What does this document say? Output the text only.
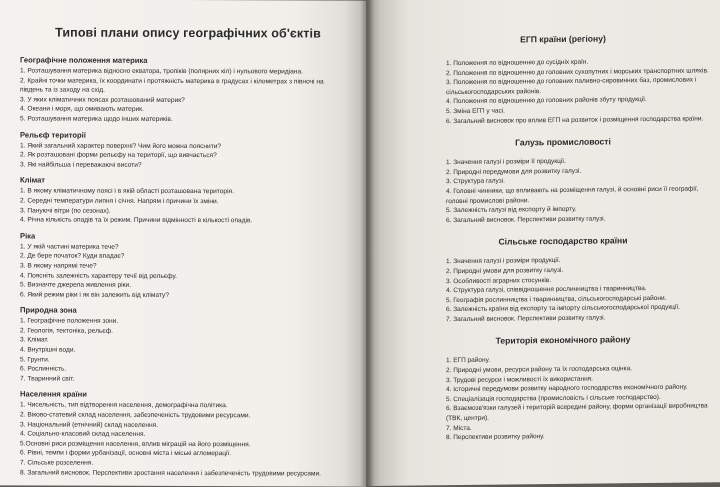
Типові плани опису географічних об'єктів
Географічне положення материка
1. Розташування материка відносно екватора, тропіків (полярних кіл) і нульового меридіана.
2. Крайні точки материка, їх координати і протяжність материка в градусах і кілометрах з півночі на
південь та із заходу на схід.
3. У яких кліматичних поясах розташований материк?
4. Океани і моря, що омивають материк.
5. Розташування материка щодо інших материків.
Рельєф території
1. Який загальний характер поверхні? Чим його можна пояснити?
2. Як розташовані форми рельєфу на території, що вивчається?
3. Які найбільша і переважаючі висоти?
Клімат
1. В якому кліматичному поясі і в якій області розташована територія.
2. Середні температури липня і січня. Напрям і причини їх зміни.
3. Пануючі вітри (по сезонах).
4. Річна кількість опадів та їх режим. Причини відмінності в кількості опадів.
Ріка
1. У якій частині материка тече?
2. Де бере початок? Куди впадає?
3. В якому напрямі тече?
4. Поясніть залежність характеру течії від рельєфу.
5. Визначте джерела живлення ріки.
6. Який режим ріки і як він залежить від клімату?
Природна зона
1. Географічне положення зони.
2. Геологія, тектоніка, рельєф.
3. Клімат.
4. Внутрішні води.
5. Грунти.
6. Рослинність.
7. Тваринний світ.
Населення країни
1. Чисельність, тип відтворення населення, демографічна політика.
2. Віково-статевий склад населення, забезпеченість трудовими ресурсами.
3. Національний (етнічний) склад населення.
4. Соціально-класовий склад населення.
5.Основні риси розміщення населення, вплив міграцій на його розміщення.
6. Рівні, темпи і форми урбанізації, основні міста і міські агломерації.
7. Сільське розселення.
8. Загальний висновок. Перспективи зростання населення і забезпеченість трудовими ресурсами.
ЕГП країни (регіону)
1. Положення по відношенню до сусідніх країн.
2. Положення по відношенню до головних сухопутних і морських транспортних шляхів.
3. Положення по відношенню до головних паливно-сировинних баз, промислових і сільськогосподарських районів.
4. Положення по відношенню до головних районів збуту продукції.
5. Зміна ЕГП у часі.
6. Загальний висновок про вплив ЕГП на розвиток і розміщення господарства країни.
Галузь промисловості
1. Значення галузі і розміри її продукції.
2. Природні передумови для розвитку галузі.
3. Структура галузі.
4. Головні чинники, що впливають на розміщення галузі, й основні риси її географії, головні промислові райони.
5. Залежність галузі від експорту й імпорту.
6. Загальний висновок. Перспективи розвитку галузі.
Сільське господарство країни
1. Значення галузі і розміри продукції.
2. Природні умови для розвитку галузі.
3. Особливості аграрних стосунків.
4. Структура галузі, співвідношення рослинництва і тваринництва.
5. Географія рослинництва і тваринництва, сільськогосподарські райони.
6. Залежність країни від експорту та імпорту сільськогосподарської продукції.
7. Загальний висновок. Перспективи розвитку галузі.
Територія економічного району
1. ЕГП району.
2. Природні умови, ресурси району та їх господарська оцінка.
3. Трудові ресурси і можливості їх використання.
4. Історичні передумови розвитку народного господарства економічного району.
5. Спеціалізація господарства (промисловість і сільське господарство).
6. Взаємозв'язки галузей і територій всередині району, форми організації виробництва (ТВК, центри).
7. Міста.
8. Перспективи розвитку району.
